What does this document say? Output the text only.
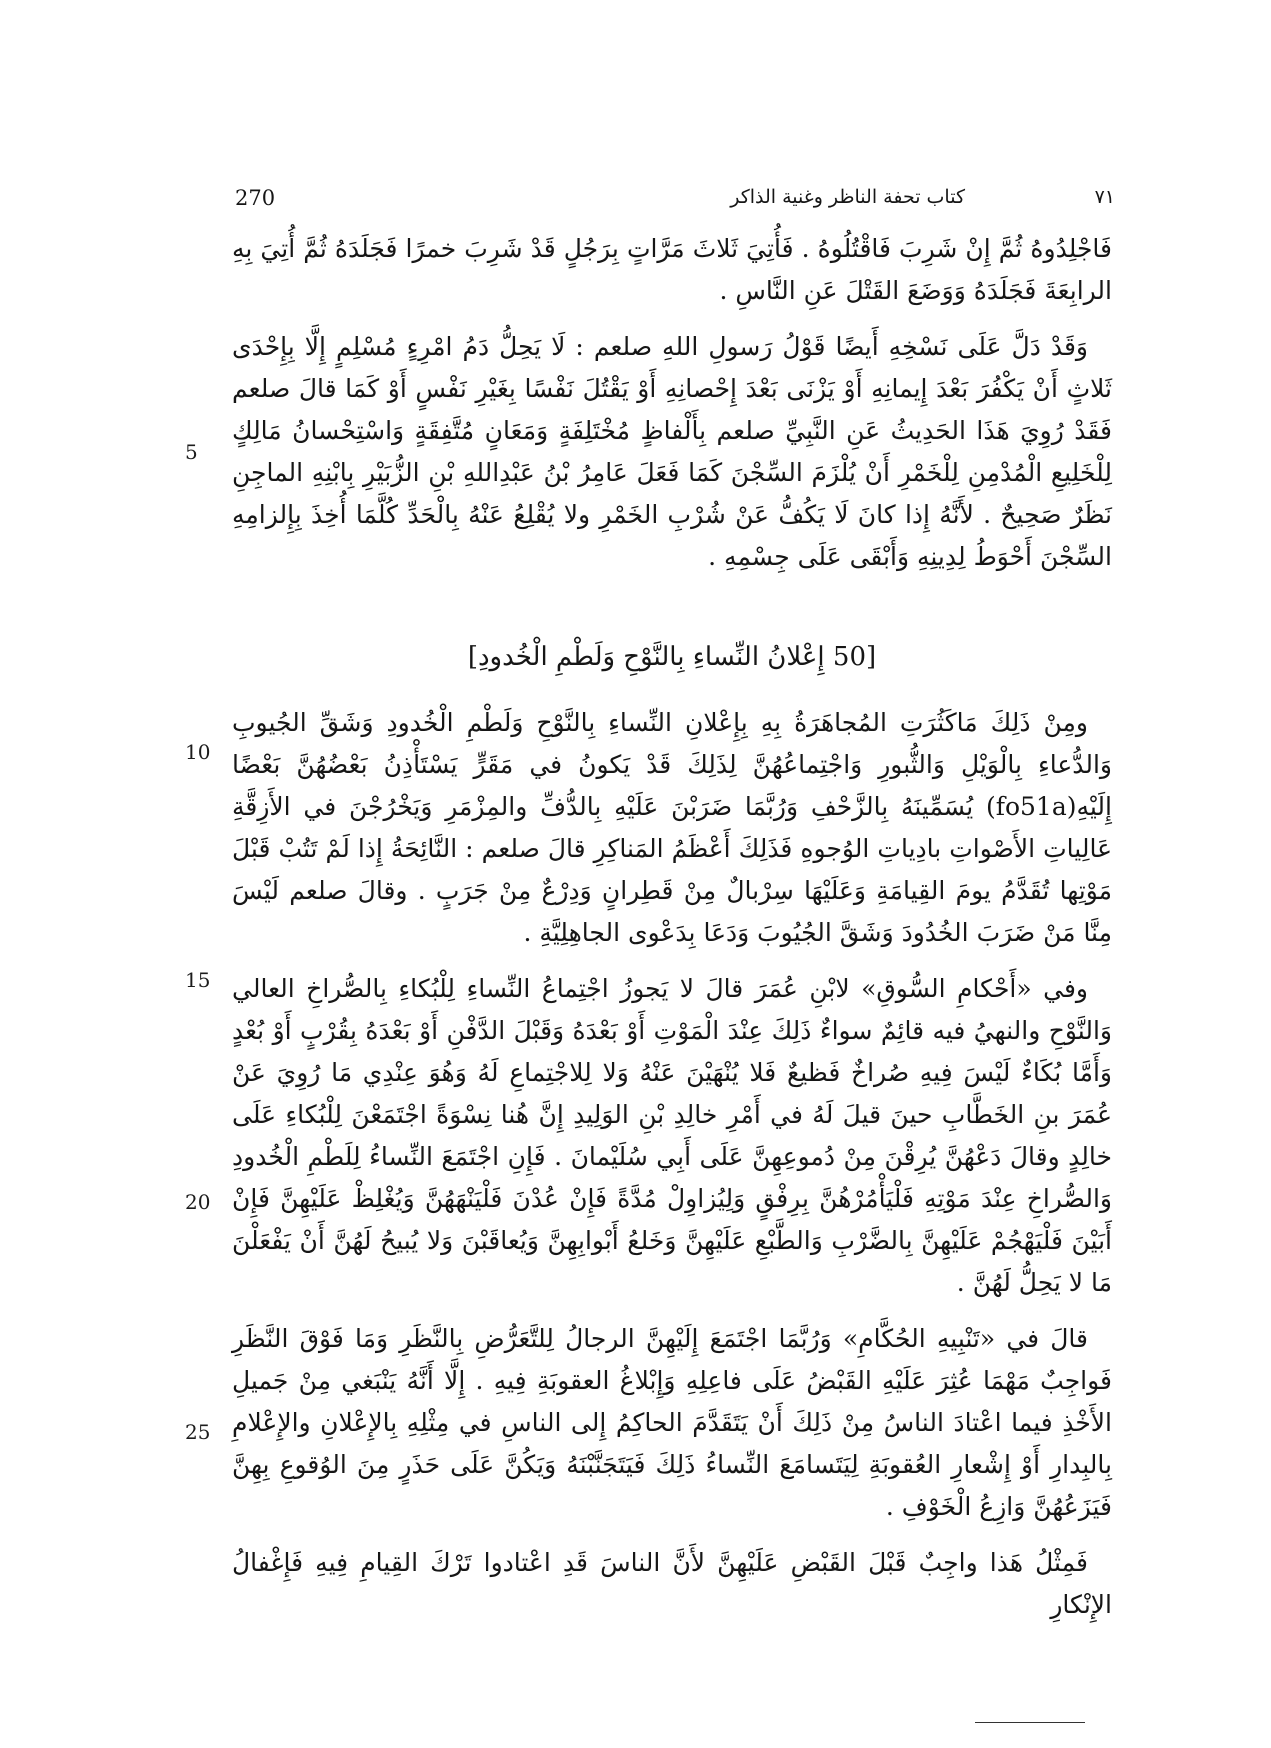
270	كتاب تحفة الناظر وغنية الذاكر	٧١

فَاجْلِدُوهُ ثُمَّ إِنْ شَرِبَ فَاقْتُلُوهُ . فَأُتِيَ ثَلاثَ مَرَّاتٍ بِرَجُلٍ قَدْ شَرِبَ خمرًا فَجَلَدَهُ ثُمَّ أُتِيَ بِهِ الرابِعَةَ فَجَلَدَهُ وَوَضَعَ القَتْلَ عَنِ النَّاسِ .

وَقَدْ دَلَّ عَلَى نَسْخِهِ أَيضًا قَوْلُ رَسولِ اللهِ صلعم : لَا يَحِلُّ دَمُ امْرِءٍ مُسْلِمٍ إِلَّا بِإِحْدَى ثَلاثٍ أَنْ يَكْفُرَ بَعْدَ إِيمانِهِ أَوْ يَزْنَى بَعْدَ إِحْصانِهِ أَوْ يَقْتُلَ نَفْسًا بِغَيْرِ نَفْسٍ أَوْ كَمَا قالَ صلعم فَقَدْ رُوِيَ هَذَا الحَدِيثُ عَنِ النَّبِيِّ صلعم بِأَلْفاظٍ مُخْتَلِفَةٍ وَمَعَانٍ مُتَّفِقَةٍ وَاسْتِحْسانُ مَالِكٍ لِلْخَلِيعِ الْمُدْمِنِ لِلْخَمْرِ أَنْ يُلْزَمَ السِّجْنَ كَمَا فَعَلَ عَامِرُ بْنُ عَبْدِاللهِ بْنِ الزُّبَيْرِ بِابْنِهِ الماجِنِ نَظَرٌ صَحِيحٌ . لأَنَّهُ إِذا كانَ لَا يَكُفُّ عَنْ شُرْبِ الخَمْرِ ولا يُقْلِعُ عَنْهُ بِالْحَدِّ كُلَّمَا أُخِذَ بِإِلزامِهِ السِّجْنَ أَحْوَطُ لِدِينِهِ وَأَبْقَى عَلَى جِسْمِهِ .

[50 إِعْلانُ النِّساءِ بِالنَّوْحِ وَلَطْمِ الْخُدودِ]

ومِنْ ذَلِكَ مَاكَثُرَتِ المُجاهَرَةُ بِهِ بِإِعْلانِ النِّساءِ بِالنَّوْحِ وَلَطْمِ الْخُدودِ وَشَقِّ الجُيوبِ وَالدُّعاءِ بِالْوَيْلِ وَالثُّبورِ وَاجْتِماعُهُنَّ لِذَلِكَ قَدْ يَكونُ في مَقَرٍّ يَسْتَأْذِنُ بَعْضُهُنَّ بَعْضًا إِلَيْهِ(fo51a) يُسَمِّينَهُ بِالزَّحْفِ وَرُبَّمَا ضَرَبْنَ عَلَيْهِ بِالدُّفِّ والمِزْمَرِ وَيَخْرُجْنَ في الأَزِقَّةِ عَالِياتِ الأَصْواتِ بادِياتِ الوُجوهِ فَذَلِكَ أَعْظَمُ المَناكِرِ قالَ صلعم : النَّائِحَةُ إِذا لَمْ تَتُبْ قَبْلَ مَوْتِها تُقَدَّمُ يومَ القِيامَةِ وَعَلَيْهَا سِرْبالٌ مِنْ قَطِرانٍ وَدِرْعٌ مِنْ جَرَبٍ . وقالَ صلعم لَيْسَ مِنَّا مَنْ ضَرَبَ الخُدُودَ وَشَقَّ الجُيُوبَ وَدَعَا بِدَعْوى الجاهِلِيَّةِ .

وفي «أَحْكامِ السُّوقِ» لابْنِ عُمَرَ قالَ لا يَجوزُ اجْتِماعُ النِّساءِ لِلْبُكاءِ بِالصُّراخِ العالي وَالنَّوْحِ والنهيُ فيه قائِمٌ سواءٌ ذَلِكَ عِنْدَ الْمَوْتِ أَوْ بَعْدَهُ وَقَبْلَ الدَّفْنِ أَوْ بَعْدَهُ بِقُرْبٍ أَوْ بُعْدٍ وَأَمَّا بُكَاءٌ لَيْسَ فِيهِ صُراخٌ فَظيعٌ فَلا يُنْهَيْنَ عَنْهُ وَلا لِلاجْتِماعِ لَهُ وَهُوَ عِنْدِي مَا رُوِيَ عَنْ عُمَرَ بنِ الخَطَّابِ حينَ قيلَ لَهُ في أَمْرِ خالِدِ بْنِ الوَلِيدِ إِنَّ هُنا نِسْوَةً اجْتَمَعْنَ لِلْبُكاءِ عَلَى خالِدٍ وقالَ دَعْهُنَّ يُرِقْنَ مِنْ دُموعِهِنَّ عَلَى أَبِي سُلَيْمانَ . فَإِنِ اجْتَمَعَ النِّساءُ لِلَطْمِ الْخُدودِ وَالصُّراخِ عِنْدَ مَوْتِهِ فَلْيَأْمُرْهُنَّ بِرِفْقٍ وَلِيُزاوِلْ مُدَّةً فَإِنْ عُدْنَ فَلْيَنْهَهُنَّ وَيُغْلِظْ عَلَيْهِنَّ فَإِنْ أَبَيْنَ فَلْيَهْجُمْ عَلَيْهِنَّ بِالضَّرْبِ وَالطَّبْعِ عَلَيْهِنَّ وَخَلعُ أَبْوابِهِنَّ وَيُعاقَبْنَ وَلا يُبيحُ لَهُنَّ أَنْ يَفْعَلْنَ مَا لا يَحِلُّ لَهُنَّ .

قالَ في «تَنْبِيهِ الحُكَّامِ» وَرُبَّمَا اجْتَمَعَ إِلَيْهِنَّ الرجالُ لِلتَّعَرُّضِ بِالنَّظَرِ وَمَا فَوْقَ النَّظَرِ فَواجِبٌ مَهْمَا عُثِرَ عَلَيْهِ القَبْضُ عَلَى فاعِلِهِ وَإِبْلاغُ العقوبَةِ فِيهِ . إِلَّا أَنَّهُ يَنْبَغي مِنْ جَميلِ الأَخْذِ فيما اعْتادَ الناسُ مِنْ ذَلِكَ أَنْ يَتَقَدَّمَ الحاكِمُ إِلى الناسِ في مِثْلِهِ بِالإِعْلانِ والإِعْلامِ بِالبِدارِ أَوْ إِشْعارِ العُقوبَةِ لِيَتَسامَعَ النِّساءُ ذَلِكَ فَيَتَجَنَّبْنَهُ وَيَكُنَّ عَلَى حَذَرٍ مِنَ الوُقوعِ بِهِنَّ فَيَزَعُهُنَّ وَازِعُ الْخَوْفِ .

فَمِثْلُ هَذا واجِبٌ قَبْلَ القَبْضِ عَلَيْهِنَّ لأَنَّ الناسَ قَدِ اعْتادوا تَرْكَ القِيامِ فِيهِ فَإِغْفالُ الإِنْكارِ

5
10
15
20
25
